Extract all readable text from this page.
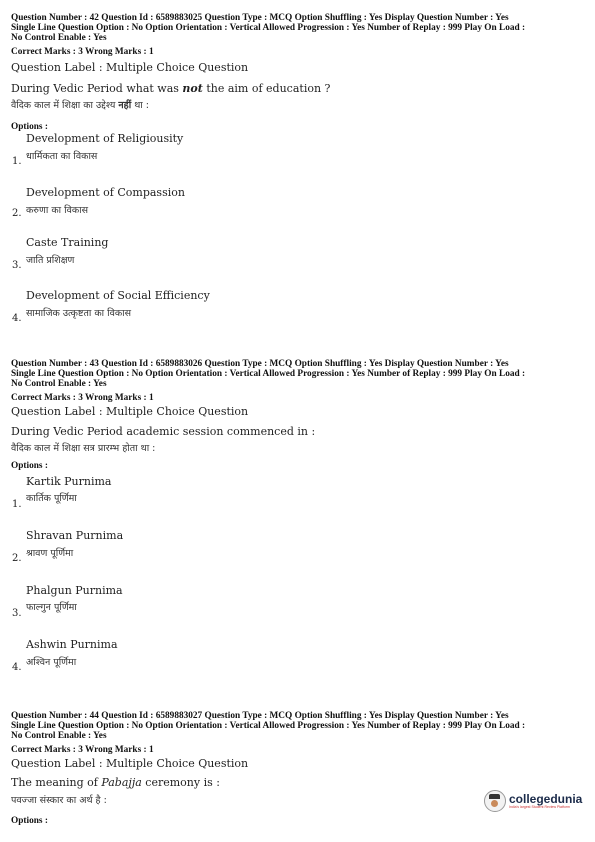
Question Number : 42 Question Id : 6589883025 Question Type : MCQ Option Shuffling : Yes Display Question Number : Yes
Single Line Question Option : No Option Orientation : Vertical Allowed Progression : Yes Number of Replay : 999 Play On Load :
No Control Enable : Yes
Correct Marks : 3 Wrong Marks : 1
Question Label : Multiple Choice Question
During Vedic Period what was not the aim of education ?
वैदिक काल में शिक्षा का उद्देश्य नहीं था :
Options :
Development of Religiousity
धार्मिकता का विकास
1.
Development of Compassion
करुणा का विकास
2.
Caste Training
जाति प्रशिक्षण
3.
Development of Social Efficiency
सामाजिक उत्कृष्टता का विकास
4.
Question Number : 43 Question Id : 6589883026 Question Type : MCQ Option Shuffling : Yes Display Question Number : Yes
Single Line Question Option : No Option Orientation : Vertical Allowed Progression : Yes Number of Replay : 999 Play On Load :
No Control Enable : Yes
Correct Marks : 3 Wrong Marks : 1
Question Label : Multiple Choice Question
During Vedic Period academic session commenced in :
वैदिक काल में शिक्षा सत्र प्रारम्भ होता था :
Options :
Kartik Purnima
कार्तिक पूर्णिमा
1.
Shravan Purnima
श्रावण पूर्णिमा
2.
Phalgun Purnima
फाल्गुन पूर्णिमा
3.
Ashwin Purnima
अश्विन पूर्णिमा
4.
Question Number : 44 Question Id : 6589883027 Question Type : MCQ Option Shuffling : Yes Display Question Number : Yes
Single Line Question Option : No Option Orientation : Vertical Allowed Progression : Yes Number of Replay : 999 Play On Load :
No Control Enable : Yes
Correct Marks : 3 Wrong Marks : 1
Question Label : Multiple Choice Question
The meaning of Pabajja ceremony is :
पवज्जा संस्कार का अर्थ है :
Options :
collegedunia
India's largest Student Review Platform
